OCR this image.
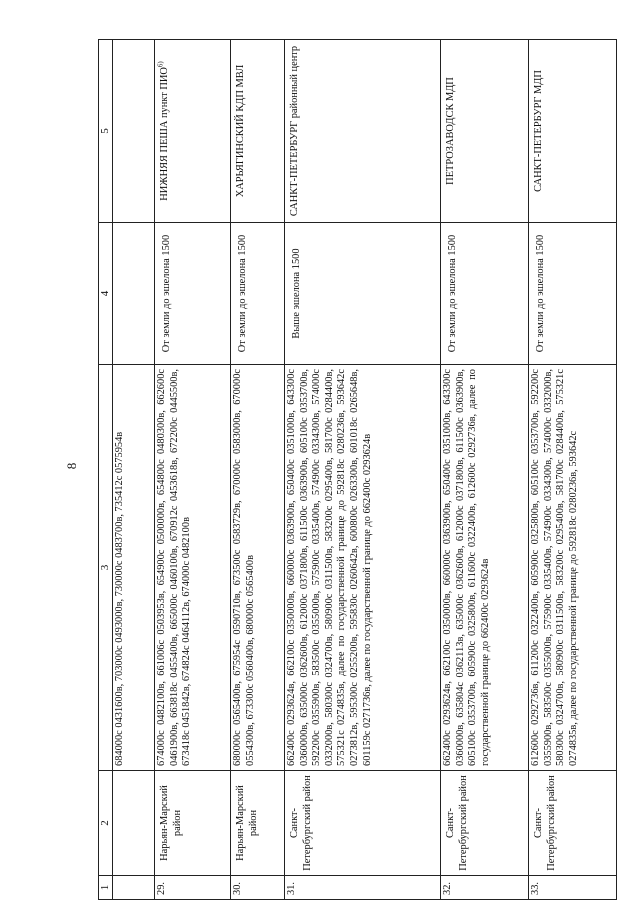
8
1	2	3	4	5
		684000с 0431600в, 703000с 0493000в, 730000с 0483700в, 735412с 0575954в		
29.	Нарьян-Марский район	674000с 0482100в, 661006с 0503953в, 654900с 0500000в, 654800с 0480300в, 662600с 0461900в, 663818с 0455400в, 665000с 0460100в, 670912с 0453618в, 672200с 0445500в, 673418с 0451842в, 674824с 0464112в, 674000с 0482100в	От земли до эшелона 1500	НИЖНЯЯ ПЕША пункт ПИО$^{6)}$
30.	Нарьян-Марский район	680000с 0565400в, 675954с 0590710в, 673500с 0583729в, 670000с 0583000в, 670000с 0554300в, 673300с 0560400в, 680000с 0565400в	От земли до эшелона 1500	ХАРЬЯГИНСКИЙ КДП МВЛ
31.	Санкт-Петербургский район	662400с 0293624в, 662100с 0350000в, 660000с 0363900в, 650400с 0351000в, 643300с 0360000в, 635000с 0362600в, 612000с 0371800в, 611500с 0363900в, 605100с 0353700в, 592200с 0355900в, 583500с 0355000в, 575900с 0335400в, 574900с 0334300в, 574000с 0332000в, 580300с 0324700в, 580900с 0311500в, 583200с 0295400в, 581700с 0284400в, 575321с 0274835в, далее по государственной границе до 592818с 0280236в, 593642с 0273812в, 595300с 0255200в, 595830с 0260642в, 600800с 0263300в, 601018с 0265648в, 601159с 0271736в, далее по государственной границе до 662400с 0293624в	Выше эшелона 1500	САНКТ-ПЕТЕРБУРГ районный центр
32.	Санкт-Петербургский район	662400с 0293624в, 662100с 0350000в, 660000с 0363900в, 650400с 0351000в, 643300с 0360000в, 635804с 0362113в, 635000с 0362600в, 612000с 0371800в, 611500с 0363900в, 605100с 0353700в, 605900с 0325800в, 611600с 0322400в, 612600с 0292736в, далее по государственной границе до 662400с 0293624в	От земли до эшелона 1500	ПЕТРОЗАВОДСК МДП
33.	Санкт-Петербургский район	612600с 0292736в, 611200с 0322400в, 605900с 0325800в, 605100с 0353700в, 592200с 0355900в, 583500с 0355000в, 575900с 0335400в, 574900с 0334300в, 574000с 0332000в, 580300с 0324700в, 580900с 0311500в, 583200с 0295400в, 581700с 0284400в, 575321с 0274835в, далее по государственной границе до 592818с 0280236в, 593642с	От земли до эшелона 1500	САНКТ-ПЕТЕРБУРГ МДП
